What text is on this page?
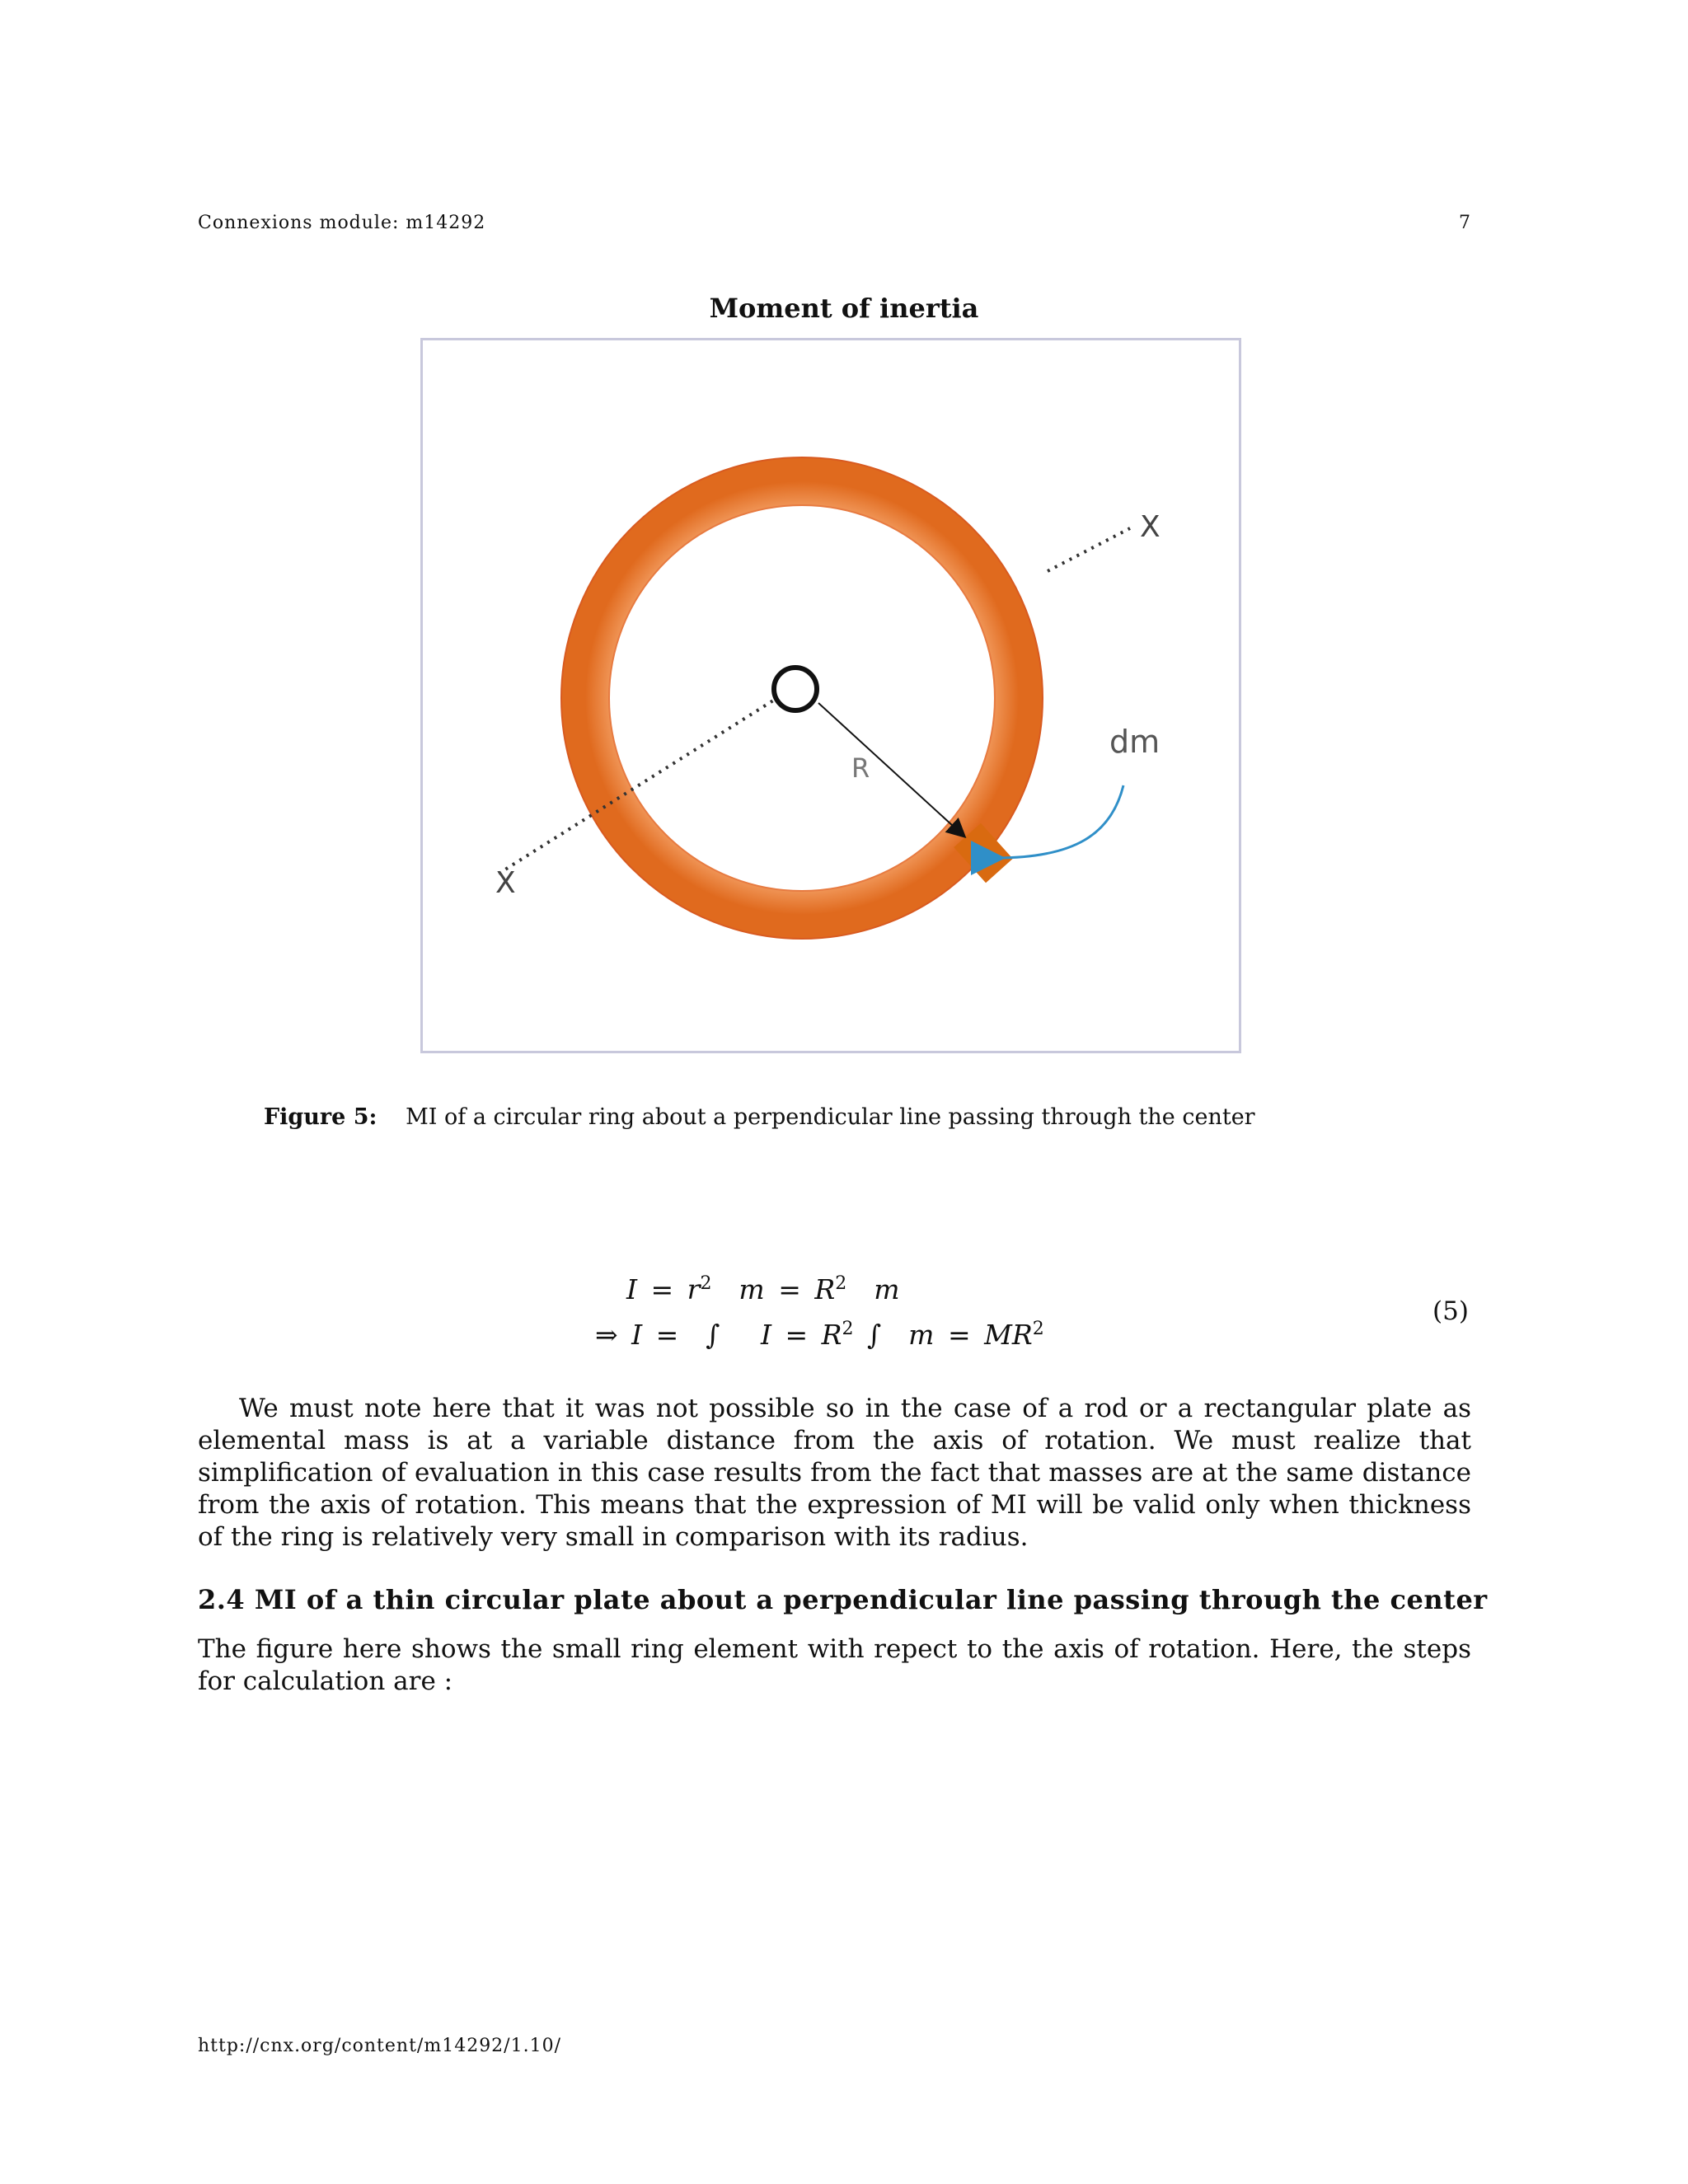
Connexions module: m14292	7
Moment of inertia
X
X
R
dm
Figure 5: MI of a circular ring about a perpendicular line passing through the center
$I = r^2$  $m = R^2$  m
⇒ I =  ∫   $I = R^2$ ∫  $m = MR^2$
(5)
We must note here that it was not possible so in the case of a rod or a rectangular plate as elemental mass is at a variable distance from the axis of rotation. We must realize that simplification of evaluation in this case results from the fact that masses are at the same distance from the axis of rotation. This means that the expression of MI will be valid only when thickness of the ring is relatively very small in comparison with its radius.
2.4 MI of a thin circular plate about a perpendicular line passing through the center
The figure here shows the small ring element with repect to the axis of rotation. Here, the steps for calculation are :
http://cnx.org/content/m14292/1.10/
